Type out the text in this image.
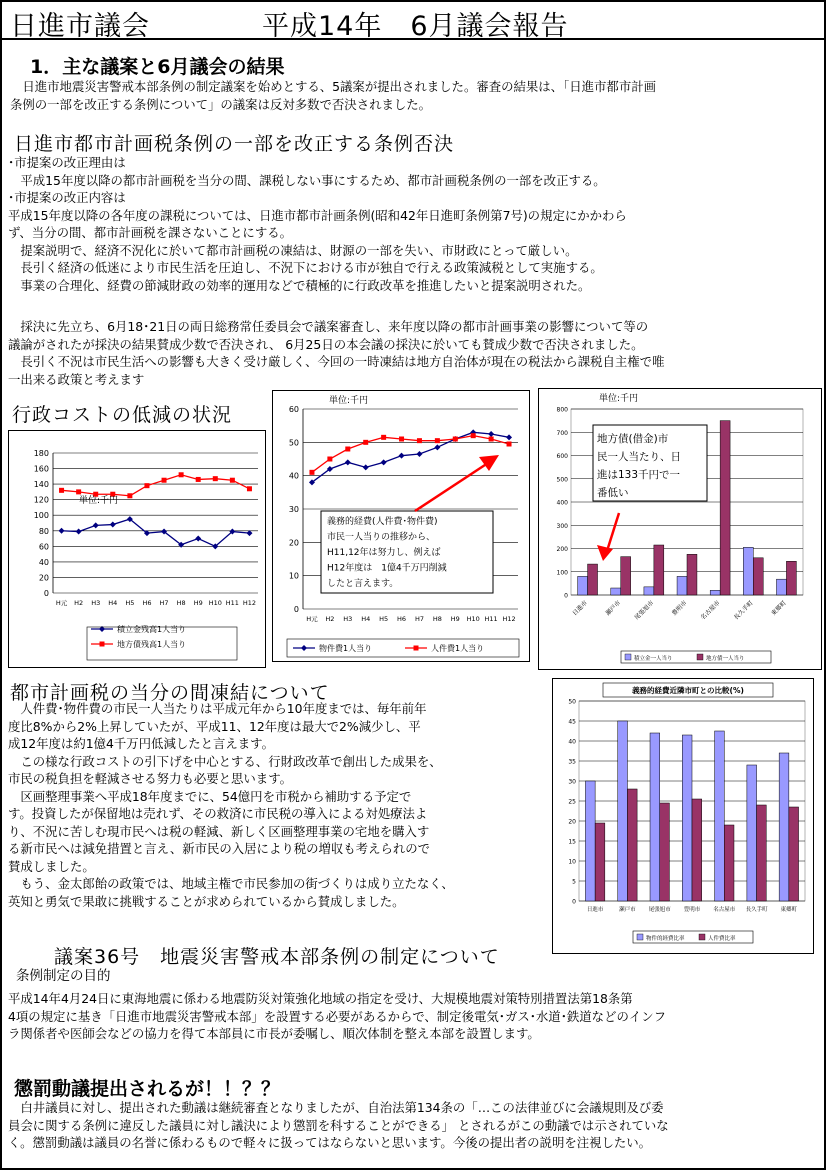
日進市議会	平成14年　6月議会報告
1．主な議案と6月議会の結果
　日進市地震災害警戒本部条例の制定議案を始めとする、5議案が提出されました。審査の結果は、「日進市都市計画
条例の一部を改正する条例について」の議案は反対多数で否決されました。
日進市都市計画税条例の一部を改正する条例否決
･市提案の改正理由は
　平成15年度以降の都市計画税を当分の間、課税しない事にするため、都市計画税条例の一部を改正する。
･市提案の改正内容は
平成15年度以降の各年度の課税については、日進市都市計画条例(昭和42年日進町条例第7号)の規定にかかわら
ず、当分の間、都市計画税を課さないことにする。
　提案説明で、経済不況化に於いて都市計画税の凍結は、財源の一部を失い、市財政にとって厳しい。
　長引く経済の低迷により市民生活を圧迫し、不況下における市が独自で行える政策減税として実施する。
　事業の合理化、経費の節減財政の効率的運用などで積極的に行政改革を推進したいと提案説明された。
　採決に先立ち、6月18･21日の両日総務常任委員会で議案審査し、来年度以降の都市計画事業の影響について等の
議論がされたが採決の結果賛成少数で否決され、 6月25日の本会議の採決に於いても賛成少数で否決されました。
　長引く不況は市民生活への影響も大きく受け厳しく、今回の一時凍結は地方自治体が現在の税法から課税自主権で唯
一出来る政策と考えます
行政コストの低減の状況
0
20
40
60
80
100
120
140
160
180
H元 H2 H3 H4 H5 H6 H7 H8 H9 H10 H11 H12
積立金残高1人当り
地方債残高1人当り
単位:千円
0
10
20
30
40
50
60
H元 H2 H3 H4 H5 H6 H7 H8 H9 H10 H11 H12
物件費1人当り	人件費1人当り
単位:千円
義務的経費(人件費･物件費)
市民一人当りの推移から、
H11,12年は努力し、例えば
H12年度は　1億4千万円削減
したと言えます。
0
100
200
300
400
500
600
700
800
日進市	瀬戸市 尾張旭市	豊明市 名古屋市 長久手町	東郷町
積立金一人当り	地方債一人当り
単位:千円
地方債(借金)市
民一人当たり、日
進は133千円で一
番低い
都市計画税の当分の間凍結について
　人件費･物件費の市民一人当たりは平成元年から10年度までは、毎年前年
度比8%から2%上昇していたが、平成11、12年度は最大で2%減少し、平
成12年度は約1億4千万円低減したと言えます。
　この様な行政コストの引下げを中心とする、行財政改革で創出した成果を、
市民の税負担を軽減させる努力も必要と思います。
　区画整理事業へ平成18年度までに、54億円を市税から補助する予定で
す。投資したが保留地は売れず、その救済に市民税の導入による対処療法よ
り、不況に苦しむ現市民へは税の軽減、新しく区画整理事業の宅地を購入す
る新市民へは減免措置と言え、新市民の入居により税の増収も考えられので
賛成しました。
　もう、金太郎飴の政策では、地域主権で市民参加の街づくりは成り立たなく、
英知と勇気で果敢に挑戦することが求められているから賛成しました。
義務的経費近隣市町との比較(%)
0
5
10
15
20
25
30
35
40
45
50
日進市	瀬戸市 尾張旭市 豊明市 名古屋市 長久手町 東郷町
物件的経費比率	人件費比率
議案36号　地震災害警戒本部条例の制定について
条例制定の目的
平成14年4月24日に東海地震に係わる地震防災対策強化地域の指定を受け、大規模地震対策特別措置法第18条第
4項の規定に基き「日進市地震災害警戒本部」を設置する必要があるからで、制定後電気･ガス･水道･鉄道などのインフ
ラ関係者や医師会などの協力を得て本部員に市長が委嘱し、順次体制を整え本部を設置します。
懲罰動議提出されるが！！？？
　白井議員に対し、提出された動議は継続審査となりましたが、自治法第134条の「…この法律並びに会議規則及び委
員会に関する条例に違反した議員に対し議決により懲罰を科することができる」 とされるがこの動議では示されていな
く。懲罰動議は議員の名誉に係わるもので軽々に扱ってはならないと思います。今後の提出者の説明を注視したい。
